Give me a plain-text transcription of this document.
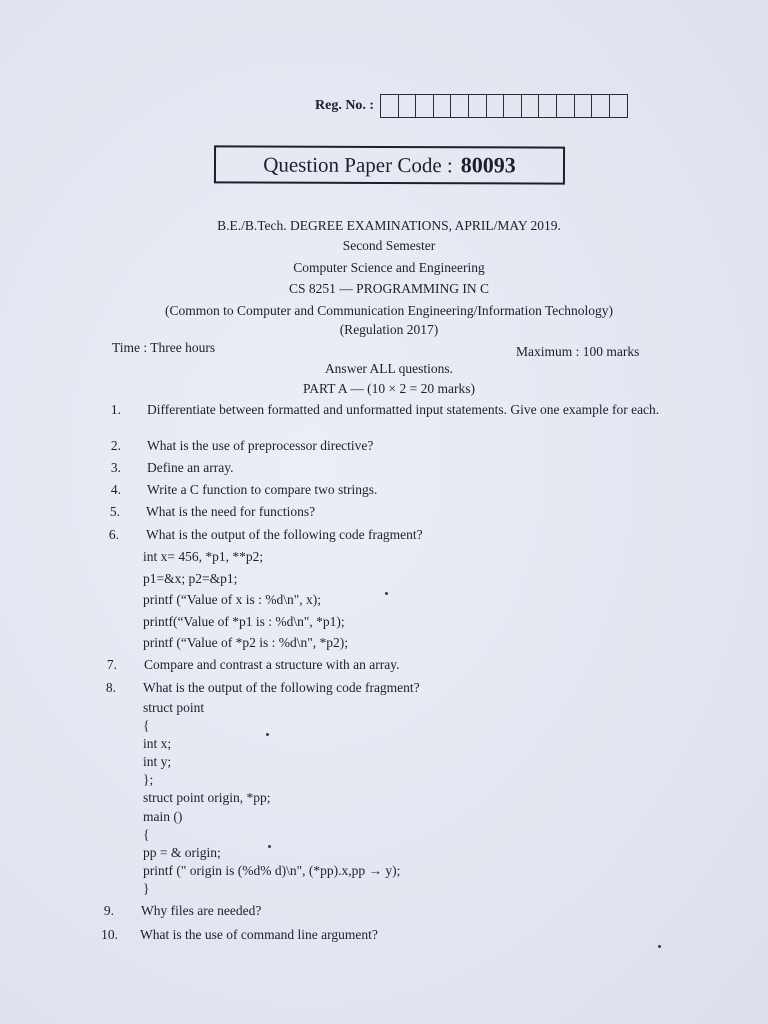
Reg. No. :
Question Paper Code : 80093
B.E./B.Tech. DEGREE EXAMINATIONS, APRIL/MAY 2019.
Second Semester
Computer Science and Engineering
CS 8251 — PROGRAMMING IN C
(Common to Computer and Communication Engineering/Information Technology)
(Regulation 2017)
Time : Three hours	Maximum : 100 marks
Answer ALL questions.
PART A — (10 × 2 = 20 marks)
1. Differentiate between formatted and unformatted input statements. Give one example for each.
2. What is the use of preprocessor directive?
3. Define an array.
4. Write a C function to compare two strings.
5. What is the need for functions?
6. What is the output of the following code fragment?
7. Compare and contrast a structure with an array.
8. What is the output of the following code fragment?
9. Why files are needed?
10. What is the use of command line argument?
int x= 456, *p1, **p2;
p1=&x; p2=&p1;
printf (“Value of x is : %d\n", x);
printf(“Value of *p1 is : %d\n", *p1);
printf (“Value of *p2 is : %d\n", *p2);
struct point
{
int x;
int y;
};
struct point origin, *pp;
main ()
{
pp = & origin;
printf (" origin is (%d% d)\n", (*pp).x,pp → y);
}
